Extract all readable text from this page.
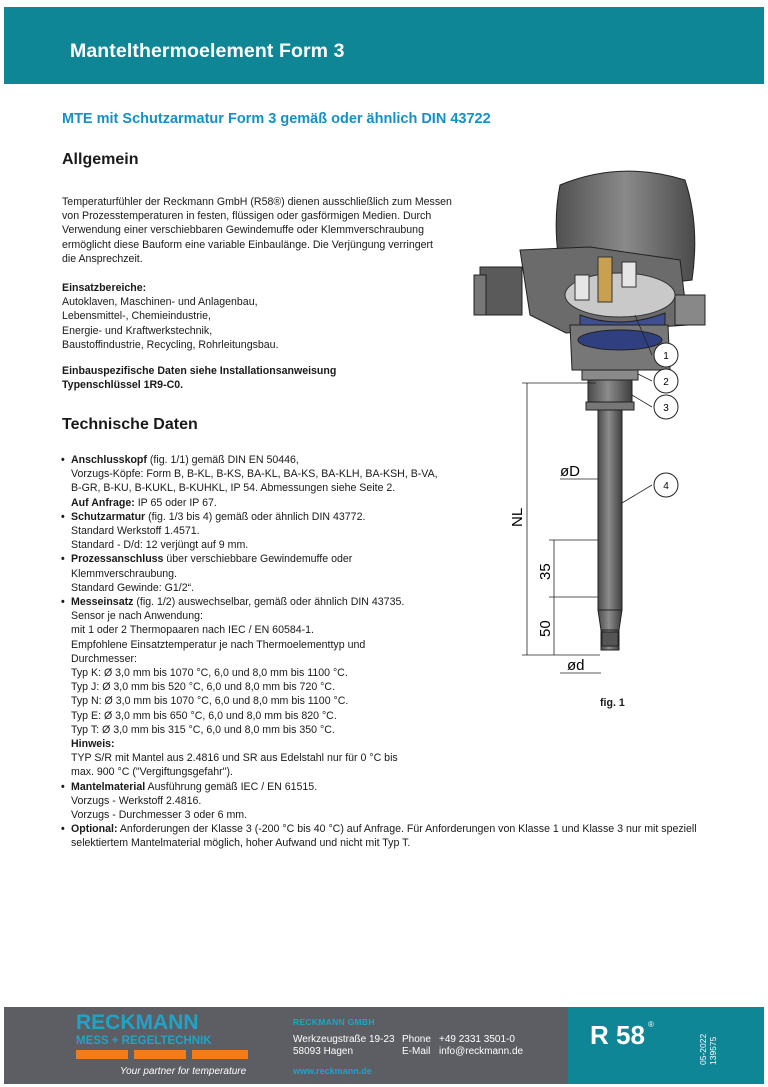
Mantelthermoelement Form 3
MTE mit Schutzarmatur Form 3 gemäß oder ähnlich DIN 43722
Allgemein
Temperaturfühler der Reckmann GmbH (R58®) dienen ausschließlich zum Messen
von Prozesstemperaturen in festen, flüssigen oder gasförmigen Medien. Durch
Verwendung einer verschiebbaren Gewindemuffe oder Klemmverschraubung
ermöglicht diese Bauform eine variable Einbaulänge. Die Verjüngung verringert
die Ansprechzeit.
Einsatzbereiche:
Autoklaven, Maschinen- und Anlagenbau,
Lebensmittel-, Chemieindustrie,
Energie- und Kraftwerkstechnik,
Baustoffindustrie, Recycling, Rohrleitungsbau.
Einbauspezifische Daten siehe Installationsanweisung
Typenschlüssel 1R9-C0.
Technische Daten
• Anschlusskopf (fig. 1/1) gemäß DIN EN 50446,
Vorzugs-Köpfe: Form B, B-KL, B-KS, BA-KL, BA-KS, BA-KLH, BA-KSH, B-VA,
B-GR, B-KU, B-KUKL, B-KUHKL, IP 54. Abmessungen siehe Seite 2.
Auf Anfrage: IP 65 oder IP 67.
• Schutzarmatur (fig. 1/3 bis 4) gemäß oder ähnlich DIN 43772.
Standard Werkstoff 1.4571.
Standard - D/d: 12 verjüngt auf 9 mm.
• Prozessanschluss über verschiebbare Gewindemuffe oder
Klemmverschraubung.
Standard Gewinde: G1/2“.
• Messeinsatz (fig. 1/2) auswechselbar, gemäß oder ähnlich DIN 43735.
Sensor je nach Anwendung:
mit 1 oder 2 Thermopaaren nach IEC / EN 60584-1.
Empfohlene Einsatztemperatur je nach Thermoelementtyp und
Durchmesser:
Typ K: Ø 3,0 mm bis 1070 °C, 6,0 und 8,0 mm bis 1100 °C.
Typ J: Ø 3,0 mm bis 520 °C, 6,0 und 8,0 mm bis 720 °C.
Typ N: Ø 3,0 mm bis 1070 °C, 6,0 und 8,0 mm bis 1100 °C.
Typ E: Ø 3,0 mm bis 650 °C, 6,0 und 8,0 mm bis 820 °C.
Typ T: Ø 3,0 mm bis 315 °C, 6,0 und 8,0 mm bis 350 °C.
Hinweis:
TYP S/R mit Mantel aus 2.4816 und SR aus Edelstahl nur für 0 °C bis
max. 900 °C ("Vergiftungsgefahr").
• Mantelmaterial Ausführung gemäß IEC / EN 61515.
Vorzugs - Werkstoff 2.4816.
Vorzugs - Durchmesser 3 oder 6 mm.
• Optional: Anforderungen der Klasse 3 (-200 °C bis 40 °C) auf Anfrage. Für Anforderungen von Klasse 1 und Klasse 3 nur mit speziell
selektiertem Mantelmaterial möglich, hoher Aufwand und nicht mit Typ T.
1
2
3
4
øD
NL
35
50
ød
fig. 1
RECKMANN
MESS + REGELTECHNIK
Your partner for temperature
RECKMANN GMBH
Werkzeugstraße 19-23
58093 Hagen
Phone +49 2331 3501-0
E-Mail info@reckmann.de
www.reckmann.de
R 58 ®
05-2022 139575
